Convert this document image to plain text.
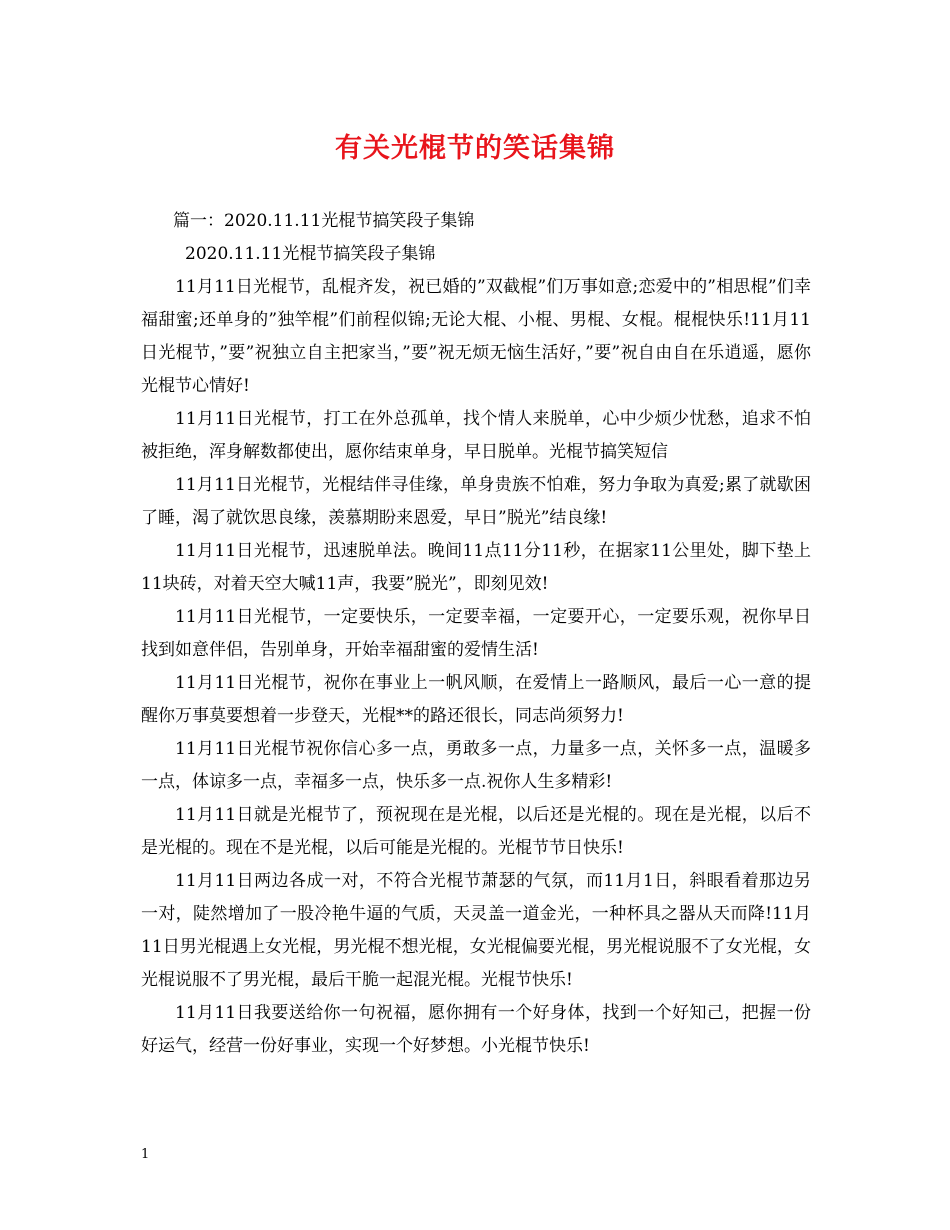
有关光棍节的笑话集锦

篇一：2020.11.11光棍节搞笑段子集锦

2020.11.11光棍节搞笑段子集锦

11月11日光棍节，乱棍齐发，祝已婚的”双截棍”们万事如意;恋爱中的”相思棍”们幸福甜蜜;还单身的”独竿棍”们前程似锦;无论大棍、小棍、男棍、女棍。棍棍快乐!11月11日光棍节，”要”祝独立自主把家当，”要”祝无烦无恼生活好，”要”祝自由自在乐逍遥，愿你光棍节心情好!

11月11日光棍节，打工在外总孤单，找个情人来脱单，心中少烦少忧愁，追求不怕被拒绝，浑身解数都使出，愿你结束单身，早日脱单。光棍节搞笑短信

11月11日光棍节，光棍结伴寻佳缘，单身贵族不怕难，努力争取为真爱;累了就歇困了睡，渴了就饮思良缘，羡慕期盼来恩爱，早日”脱光”结良缘!

11月11日光棍节，迅速脱单法。晚间11点11分11秒，在据家11公里处，脚下垫上11块砖，对着天空大喊11声，我要”脱光”，即刻见效!

11月11日光棍节，一定要快乐，一定要幸福，一定要开心，一定要乐观，祝你早日找到如意伴侣，告别单身，开始幸福甜蜜的爱情生活!

11月11日光棍节，祝你在事业上一帆风顺，在爱情上一路顺风，最后一心一意的提醒你万事莫要想着一步登天，光棍**的路还很长，同志尚须努力!

11月11日光棍节祝你信心多一点，勇敢多一点，力量多一点，关怀多一点，温暖多一点，体谅多一点，幸福多一点，快乐多一点.祝你人生多精彩!

11月11日就是光棍节了，预祝现在是光棍，以后还是光棍的。现在是光棍，以后不是光棍的。现在不是光棍，以后可能是光棍的。光棍节节日快乐!

11月11日两边各成一对，不符合光棍节萧瑟的气氛，而11月1日，斜眼看着那边另一对，陡然增加了一股冷艳牛逼的气质，天灵盖一道金光，一种杯具之器从天而降!11月11日男光棍遇上女光棍，男光棍不想光棍，女光棍偏要光棍，男光棍说服不了女光棍，女光棍说服不了男光棍，最后干脆一起混光棍。光棍节快乐!

11月11日我要送给你一句祝福，愿你拥有一个好身体，找到一个好知己，把握一份好运气，经营一份好事业，实现一个好梦想。小光棍节快乐!

1
